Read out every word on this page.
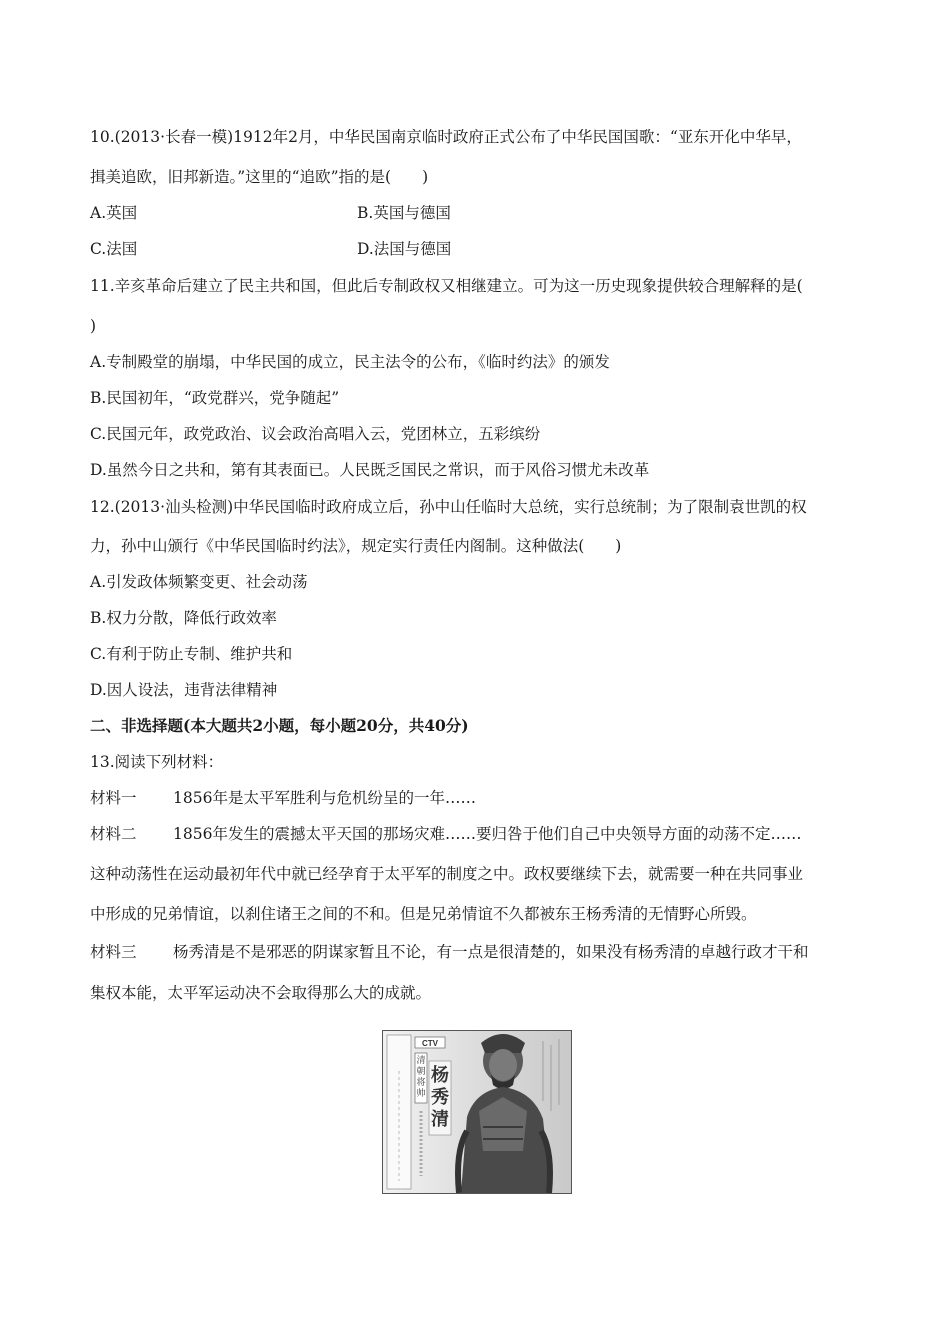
10.(2013·长春一模)1912年2月，中华民国南京临时政府正式公布了中华民国国歌：“亚东开化中华早，
揖美追欧，旧邦新造。”这里的“追欧”指的是(　　)
A.英国	B.英国与德国
C.法国	D.法国与德国
11.辛亥革命后建立了民主共和国，但此后专制政权又相继建立。可为这一历史现象提供较合理解释的是(
)
A.专制殿堂的崩塌，中华民国的成立，民主法令的公布，《临时约法》的颁发
B.民国初年，“政党群兴，党争随起”
C.民国元年，政党政治、议会政治高唱入云，党团林立，五彩缤纷
D.虽然今日之共和，第有其表面已。人民既乏国民之常识，而于风俗习惯尤未改革
12.(2013·汕头检测)中华民国临时政府成立后，孙中山任临时大总统，实行总统制；为了限制袁世凯的权
力，孙中山颁行《中华民国临时约法》，规定实行责任内阁制。这种做法(　　)
A.引发政体频繁变更、社会动荡
B.权力分散，降低行政效率
C.有利于防止专制、维护共和
D.因人设法，违背法律精神
二、非选择题(本大题共2小题，每小题20分，共40分)
13.阅读下列材料：
材料一 1856年是太平军胜利与危机纷呈的一年……
材料二 1856年发生的震撼太平天国的那场灾难……要归咎于他们自己中央领导方面的动荡不定……
这种动荡性在运动最初年代中就已经孕育于太平军的制度之中。政权要继续下去，就需要一种在共同事业
中形成的兄弟情谊，以刹住诸王之间的不和。但是兄弟情谊不久都被东王杨秀清的无情野心所毁。
材料三 杨秀清是不是邪恶的阴谋家暂且不论，有一点是很清楚的，如果没有杨秀清的卓越行政才干和
集权本能，太平军运动决不会取得那么大的成就。
CTV
清朝将帅
杨秀清
